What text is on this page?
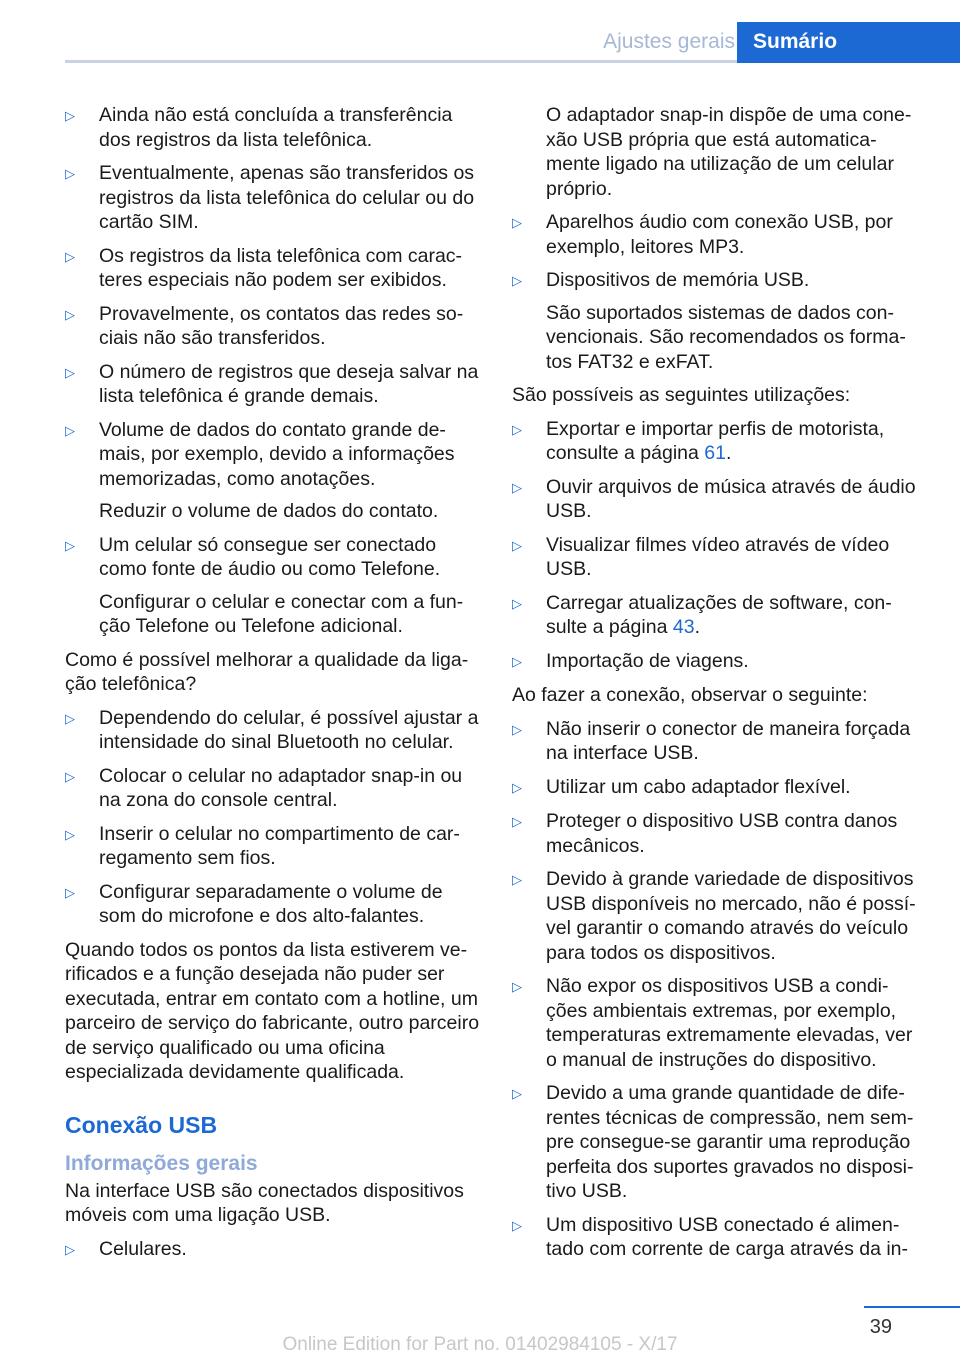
Ajustes gerais Sumário
▷	Ainda não está concluída a transferência dos registros da lista telefônica.
▷	Eventualmente, apenas são transferidos os registros da lista telefônica do celular ou do cartão SIM.
▷	Os registros da lista telefônica com carac‐teres especiais não podem ser exibidos.
▷	Provavelmente, os contatos das redes so‐ciais não são transferidos.
▷	O número de registros que deseja salvar na lista telefônica é grande demais.
▷	Volume de dados do contato grande de‐mais, por exemplo, devido a informações memorizadas, como anotações.
Reduzir o volume de dados do contato.
▷	Um celular só consegue ser conectado como fonte de áudio ou como Telefone.
Configurar o celular e conectar com a fun‐ção Telefone ou Telefone adicional.

Como é possível melhorar a qualidade da liga‐ção telefônica?

▷	Dependendo do celular, é possível ajustar a intensidade do sinal Bluetooth no celular.
▷	Colocar o celular no adaptador snap-in ou na zona do console central.
▷	Inserir o celular no compartimento de car‐regamento sem fios.
▷	Configurar separadamente o volume de som do microfone e dos alto-falantes.

Quando todos os pontos da lista estiverem ve‐rificados e a função desejada não puder ser executada, entrar em contato com a hotline, um parceiro de serviço do fabricante, outro parceiro de serviço qualificado ou uma oficina especializada devidamente qualificada.

Conexão USB
Informações gerais

Na interface USB são conectados dispositivos móveis com uma ligação USB.

▷	Celulares.

O adaptador snap-in dispõe de uma cone‐xão USB própria que está automatica‐mente ligado na utilização de um celular próprio.

▷	Aparelhos áudio com conexão USB, por exemplo, leitores MP3.
▷	Dispositivos de memória USB.
São suportados sistemas de dados con‐vencionais. São recomendados os forma‐tos FAT32 e exFAT.

São possíveis as seguintes utilizações:

▷	Exportar e importar perfis de motorista, consulte a página 61.
▷	Ouvir arquivos de música através de áudio USB.
▷	Visualizar filmes vídeo através de vídeo USB.
▷	Carregar atualizações de software, con‐sulte a página 43.
▷	Importação de viagens.

Ao fazer a conexão, observar o seguinte:

▷	Não inserir o conector de maneira forçada na interface USB.
▷	Utilizar um cabo adaptador flexível.
▷	Proteger o dispositivo USB contra danos mecânicos.
▷	Devido à grande variedade de dispositivos USB disponíveis no mercado, não é possí‐vel garantir o comando através do veículo para todos os dispositivos.
▷	Não expor os dispositivos USB a condi‐ções ambientais extremas, por exemplo, temperaturas extremamente elevadas, ver o manual de instruções do dispositivo.
▷	Devido a uma grande quantidade de dife‐rentes técnicas de compressão, nem sem‐pre consegue-se garantir uma reprodução perfeita dos suportes gravados no disposi‐tivo USB.
▷	Um dispositivo USB conectado é alimen‐tado com corrente de carga através da in‐
39
Online Edition for Part no. 01402984105 - X/17
